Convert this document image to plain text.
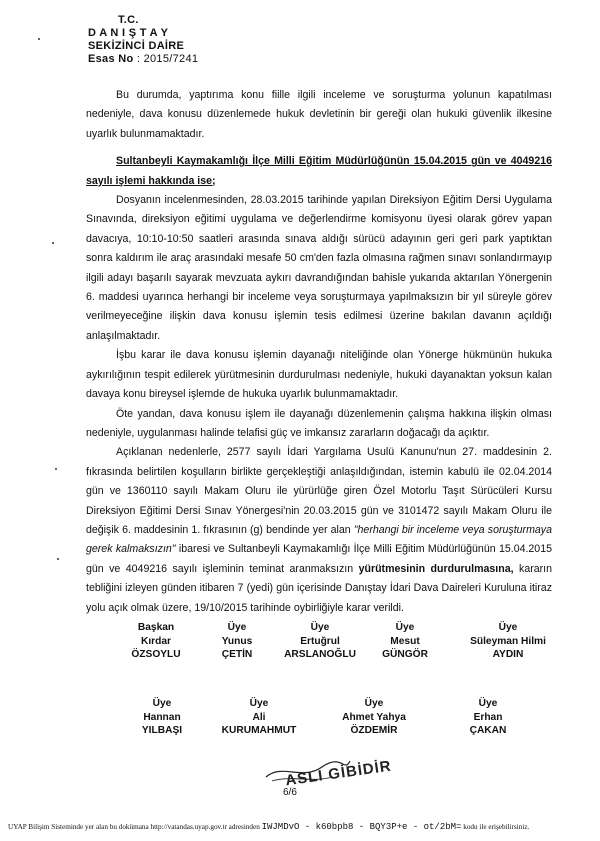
T.C.
D A N I Ş T A Y
SEKİZİNCİ DAİRE
Esas No : 2015/7241

Bu durumda, yaptırıma konu fiille ilgili inceleme ve soruşturma yolunun kapatılması nedeniyle, dava konusu düzenlemede hukuk devletinin bir gereği olan hukuki güvenlik ilkesine uyarlık bulunmamaktadır.

Sultanbeyli Kaymakamlığı İlçe Milli Eğitim Müdürlüğünün 15.04.2015 gün ve 4049216 sayılı işlemi hakkında ise;

Dosyanın incelenmesinden, 28.03.2015 tarihinde yapılan Direksiyon Eğitim Dersi Uygulama Sınavında, direksiyon eğitimi uygulama ve değerlendirme komisyonu üyesi olarak görev yapan davacıya, 10:10-10:50 saatleri arasında sınava aldığı sürücü adayının geri geri park yaptıktan sonra kaldırım ile araç arasındaki mesafe 50 cm'den fazla olmasına rağmen sınavı sonlandırmayıp ilgili adayı başarılı sayarak mevzuata aykırı davrandığından bahisle yukarıda aktarılan Yönergenin 6. maddesi uyarınca herhangi bir inceleme veya soruşturmaya yapılmaksızın bir yıl süreyle görev verilmeyeceğine ilişkin dava konusu işlemin tesis edilmesi üzerine bakılan davanın açıldığı anlaşılmaktadır.

İşbu karar ile dava konusu işlemin dayanağı niteliğinde olan Yönerge hükmünün hukuka aykırılığının tespit edilerek yürütmesinin durdurulması nedeniyle, hukuki dayanaktan yoksun kalan davaya konu bireysel işlemde de hukuka uyarlık bulunmamaktadır.

Öte yandan, dava konusu işlem ile dayanağı düzenlemenin çalışma hakkına ilişkin olması nedeniyle, uygulanması halinde telafisi güç ve imkansız zararların doğacağı da açıktır.

Açıklanan nedenlerle, 2577 sayılı İdari Yargılama Usulü Kanunu'nun 27. maddesinin 2. fıkrasında belirtilen koşulların birlikte gerçekleştiği anlaşıldığından, istemin kabulü ile 02.04.2014 gün ve 1360110 sayılı Makam Oluru ile yürürlüğe giren Özel Motorlu Taşıt Sürücüleri Kursu Direksiyon Eğitimi Dersi Sınav Yönergesi'nin 20.03.2015 gün ve 3101472 sayılı Makam Oluru ile değişik 6. maddesinin 1. fıkrasının (g) bendinde yer alan "herhangi bir inceleme veya soruşturmaya gerek kalmaksızın" ibaresi ve Sultanbeyli Kaymakamlığı İlçe Milli Eğitim Müdürlüğünün 15.04.2015 gün ve 4049216 sayılı işleminin teminat aranmaksızın yürütmesinin durdurulmasına, kararın tebliğini izleyen günden itibaren 7 (yedi) gün içerisinde Danıştay İdari Dava Daireleri Kuruluna itiraz yolu açık olmak üzere, 19/10/2015 tarihinde oybirliğiyle karar verildi.

Başkan
Kırdar
ÖZSOYLU
Üye
Yunus
ÇETİN
Üye
Ertuğrul
ARSLANOĞLU
Üye
Mesut
GÜNGÖR
Üye
Süleyman Hilmi
AYDIN
Üye
Hannan
YILBAŞI
Üye
Ali
KURUMAHMUT
Üye
Ahmet Yahya
ÖZDEMİR
Üye
Erhan
ÇAKAN
ASLI GİBİDİR
6/6
UYAP Bilişim Sisteminde yer alan bu dokümana http://vatandas.uyap.gov.tr adresinden IWJMDvO - k60bpb8 - BQY3P+e - ot/2bM= kodu ile erişebilirsiniz.
